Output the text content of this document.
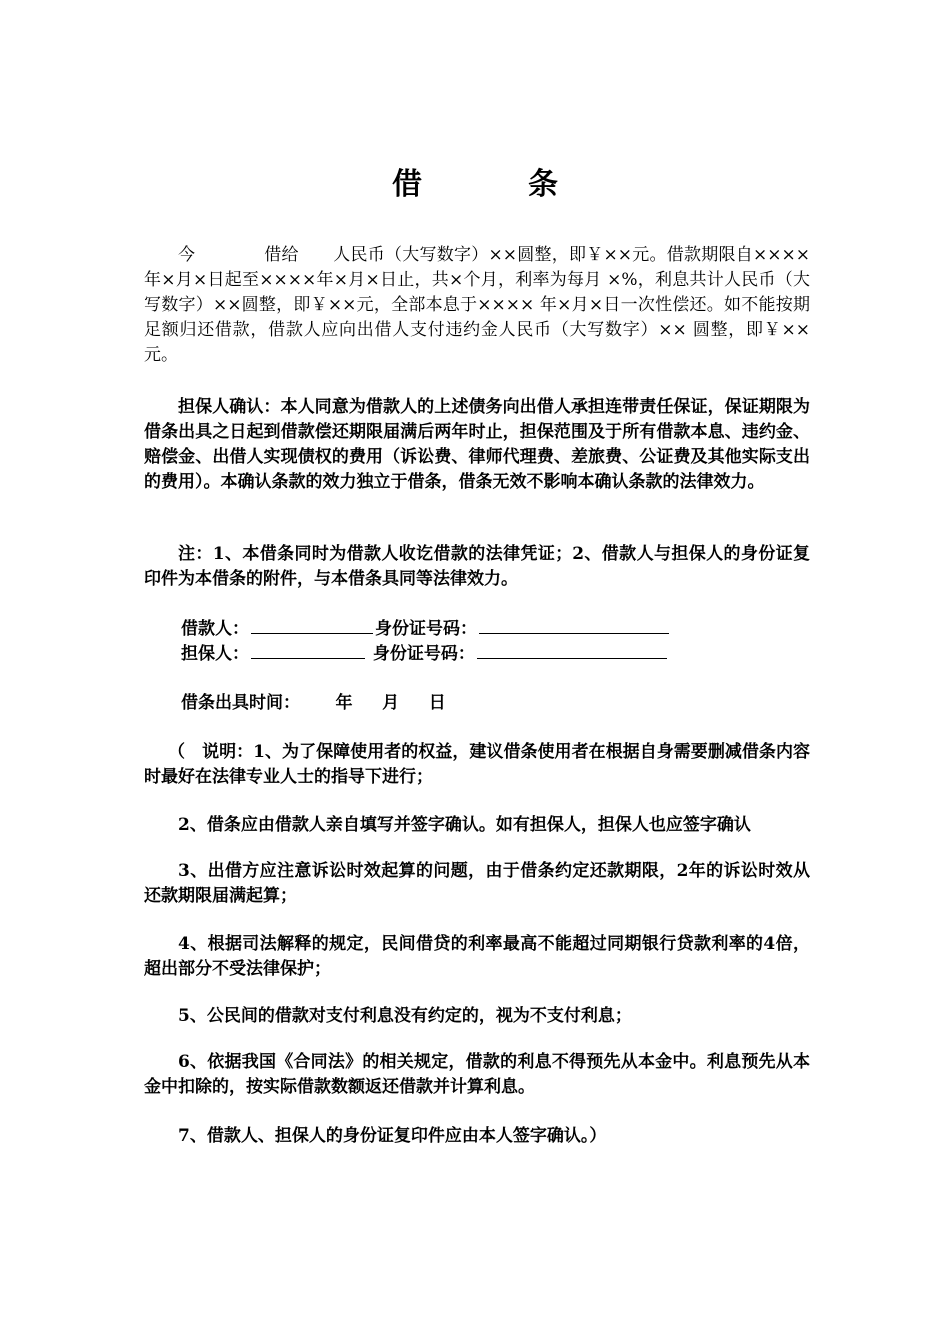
借　条

今　　　　借给　　人民币（大写数字）××圆整，即￥××元。借款期限自×××× 年×月×日起至××××年×月×日止，共×个月，利率为每月 ×%，利息共计人民币（大写数字）××圆整，即￥××元，全部本息于×××× 年×月×日一次性偿还。如不能按期足额归还借款，借款人应向出借人支付违约金人民币（大写数字）×× 圆整，即￥×× 元。

担保人确认：本人同意为借款人的上述债务向出借人承担连带责任保证，保证期限为借条出具之日起到借款偿还期限届满后两年时止，担保范围及于所有借款本息、违约金、赔偿金、出借人实现债权的费用（诉讼费、律师代理费、差旅费、公证费及其他实际支出的费用）。本确认条款的效力独立于借条，借条无效不影响本确认条款的法律效力。

注：1、本借条同时为借款人收讫借款的法律凭证；2、借款人与担保人的身份证复印件为本借条的附件，与本借条具同等法律效力。

借款人：	身份证号码：
担保人：	身份证号码：
借条出具时间： 年 月 日

（　说明：1、为了保障使用者的权益，建议借条使用者在根据自身需要删减借条内容时最好在法律专业人士的指导下进行；

2、借条应由借款人亲自填写并签字确认。如有担保人，担保人也应签字确认

3、出借方应注意诉讼时效起算的问题，由于借条约定还款期限，2年的诉讼时效从还款期限届满起算；

4、根据司法解释的规定，民间借贷的利率最高不能超过同期银行贷款利率的4倍，超出部分不受法律保护；

5、公民间的借款对支付利息没有约定的，视为不支付利息；

6、依据我国《合同法》的相关规定，借款的利息不得预先从本金中。利息预先从本金中扣除的，按实际借款数额返还借款并计算利息。

7、借款人、担保人的身份证复印件应由本人签字确认。）
